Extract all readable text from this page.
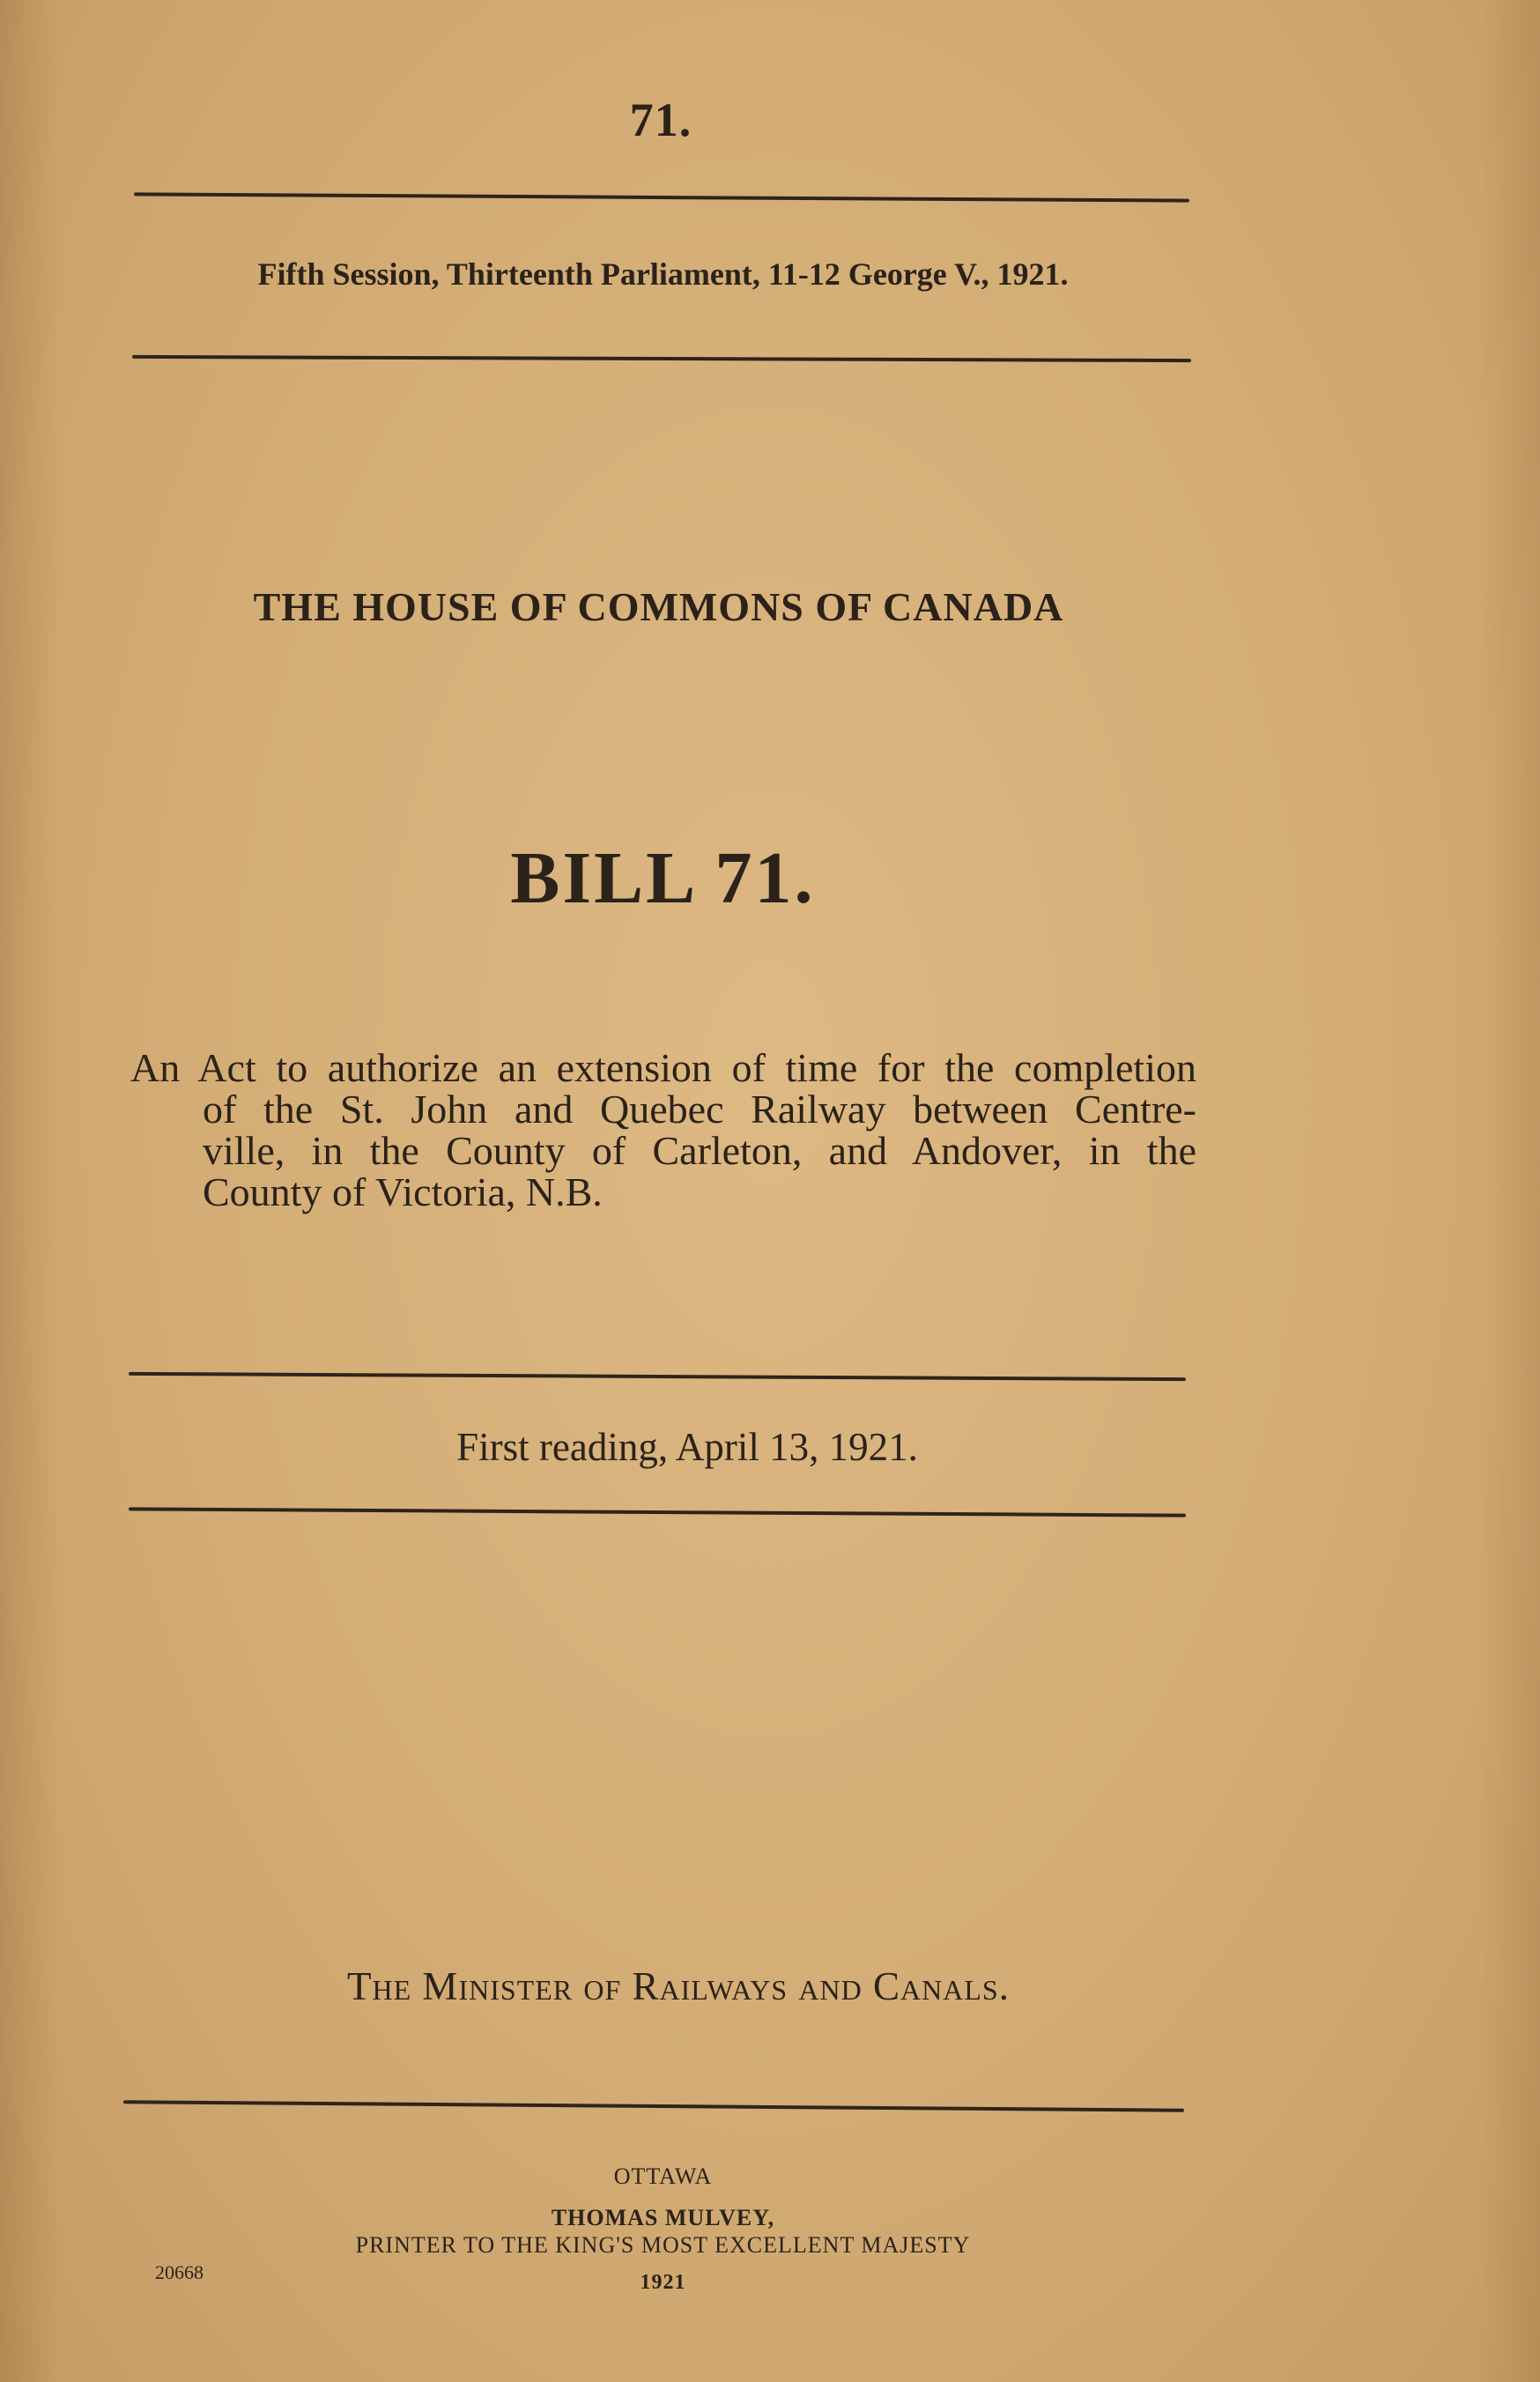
71.
Fifth Session, Thirteenth Parliament, 11-12 George V., 1921.
THE HOUSE OF COMMONS OF CANADA
BILL 71.
An Act to authorize an extension of time for the completion
of the St. John and Quebec Railway between Centre-
ville, in the County of Carleton, and Andover, in the
County of Victoria, N.B.
First reading, April 13, 1921.
The Minister of Railways and Canals.
OTTAWA
THOMAS MULVEY,
PRINTER TO THE KING'S MOST EXCELLENT MAJESTY
1921
20668
